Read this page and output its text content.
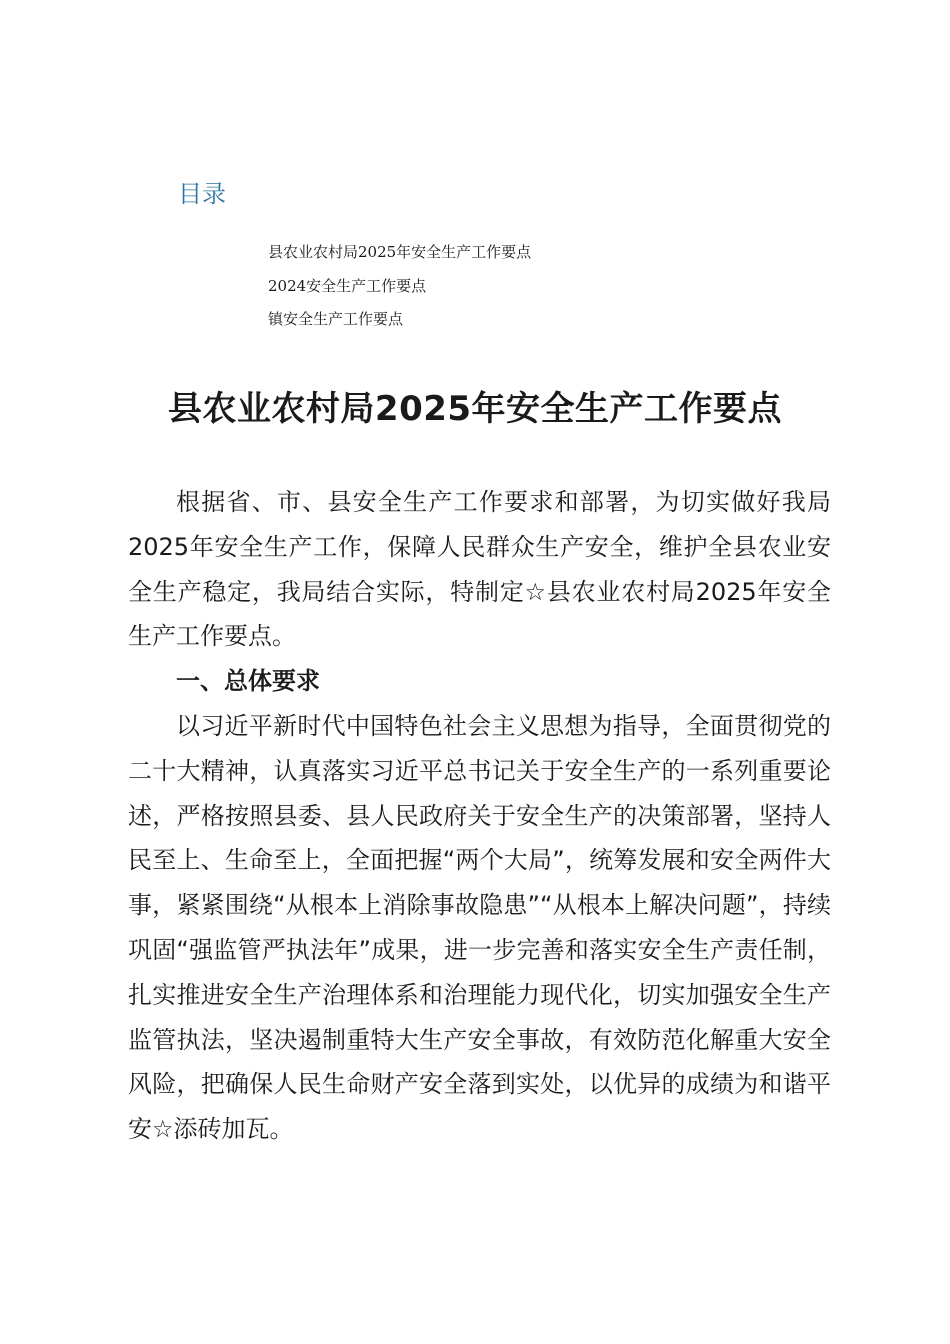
目录
县农业农村局2025年安全生产工作要点
2024安全生产工作要点
镇安全生产工作要点
县农业农村局2025年安全生产工作要点

根据省、市、县安全生产工作要求和部署，为切实做好我局2025年安全生产工作，保障人民群众生产安全，维护全县农业安全生产稳定，我局结合实际，特制定☆县农业农村局2025年安全生产工作要点。

一、总体要求

以习近平新时代中国特色社会主义思想为指导，全面贯彻党的二十大精神，认真落实习近平总书记关于安全生产的一系列重要论述，严格按照县委、县人民政府关于安全生产的决策部署，坚持人民至上、生命至上，全面把握“两个大局”，统筹发展和安全两件大事，紧紧围绕“从根本上消除事故隐患”“从根本上解决问题”，持续巩固“强监管严执法年”成果，进一步完善和落实安全生产责任制，扎实推进安全生产治理体系和治理能力现代化，切实加强安全生产监管执法，坚决遏制重特大生产安全事故，有效防范化解重大安全风险，把确保人民生命财产安全落到实处，以优异的成绩为和谐平安☆添砖加瓦。
